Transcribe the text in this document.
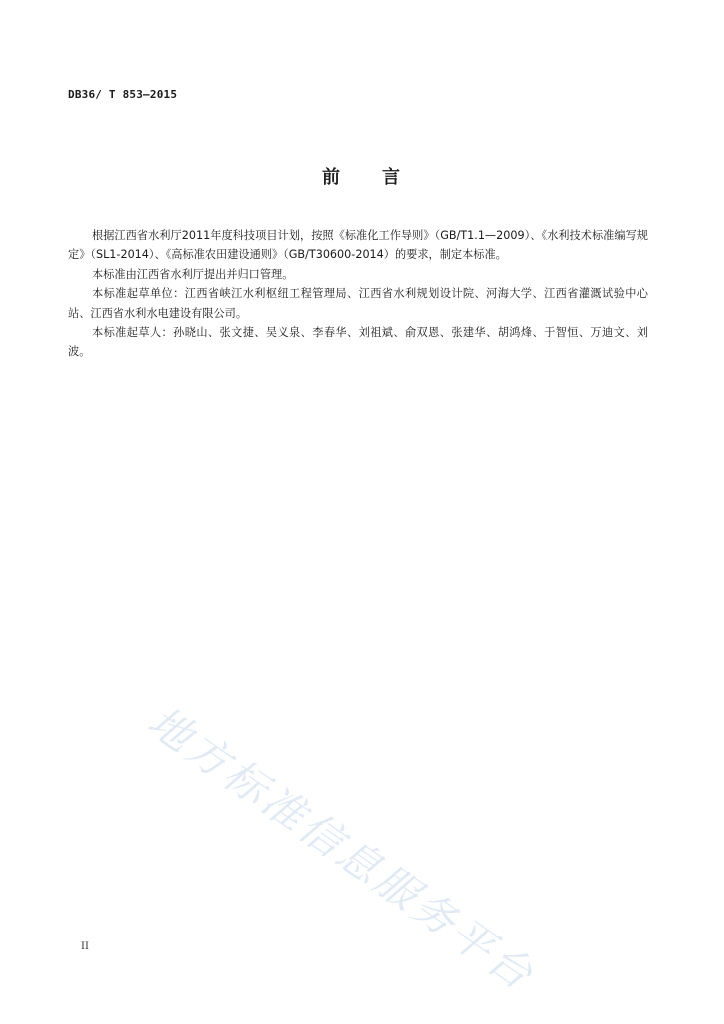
DB36/ T 853—2015
前　　言

根据江西省水利厅2011年度科技项目计划，按照《标准化工作导则》（GB/T1.1—2009）、《水利技术标准编写规定》（SL1-2014）、《高标准农田建设通则》（GB/T30600-2014）的要求，制定本标准。

本标准由江西省水利厅提出并归口管理。

本标准起草单位：江西省峡江水利枢纽工程管理局、江西省水利规划设计院、河海大学、江西省灌溉试验中心站、江西省水利水电建设有限公司。

本标准起草人：孙晓山、张文捷、吴义泉、李春华、刘祖斌、俞双恩、张建华、胡鸿烽、于智恒、万迪文、刘波。

地方标准信息服务平台
II
